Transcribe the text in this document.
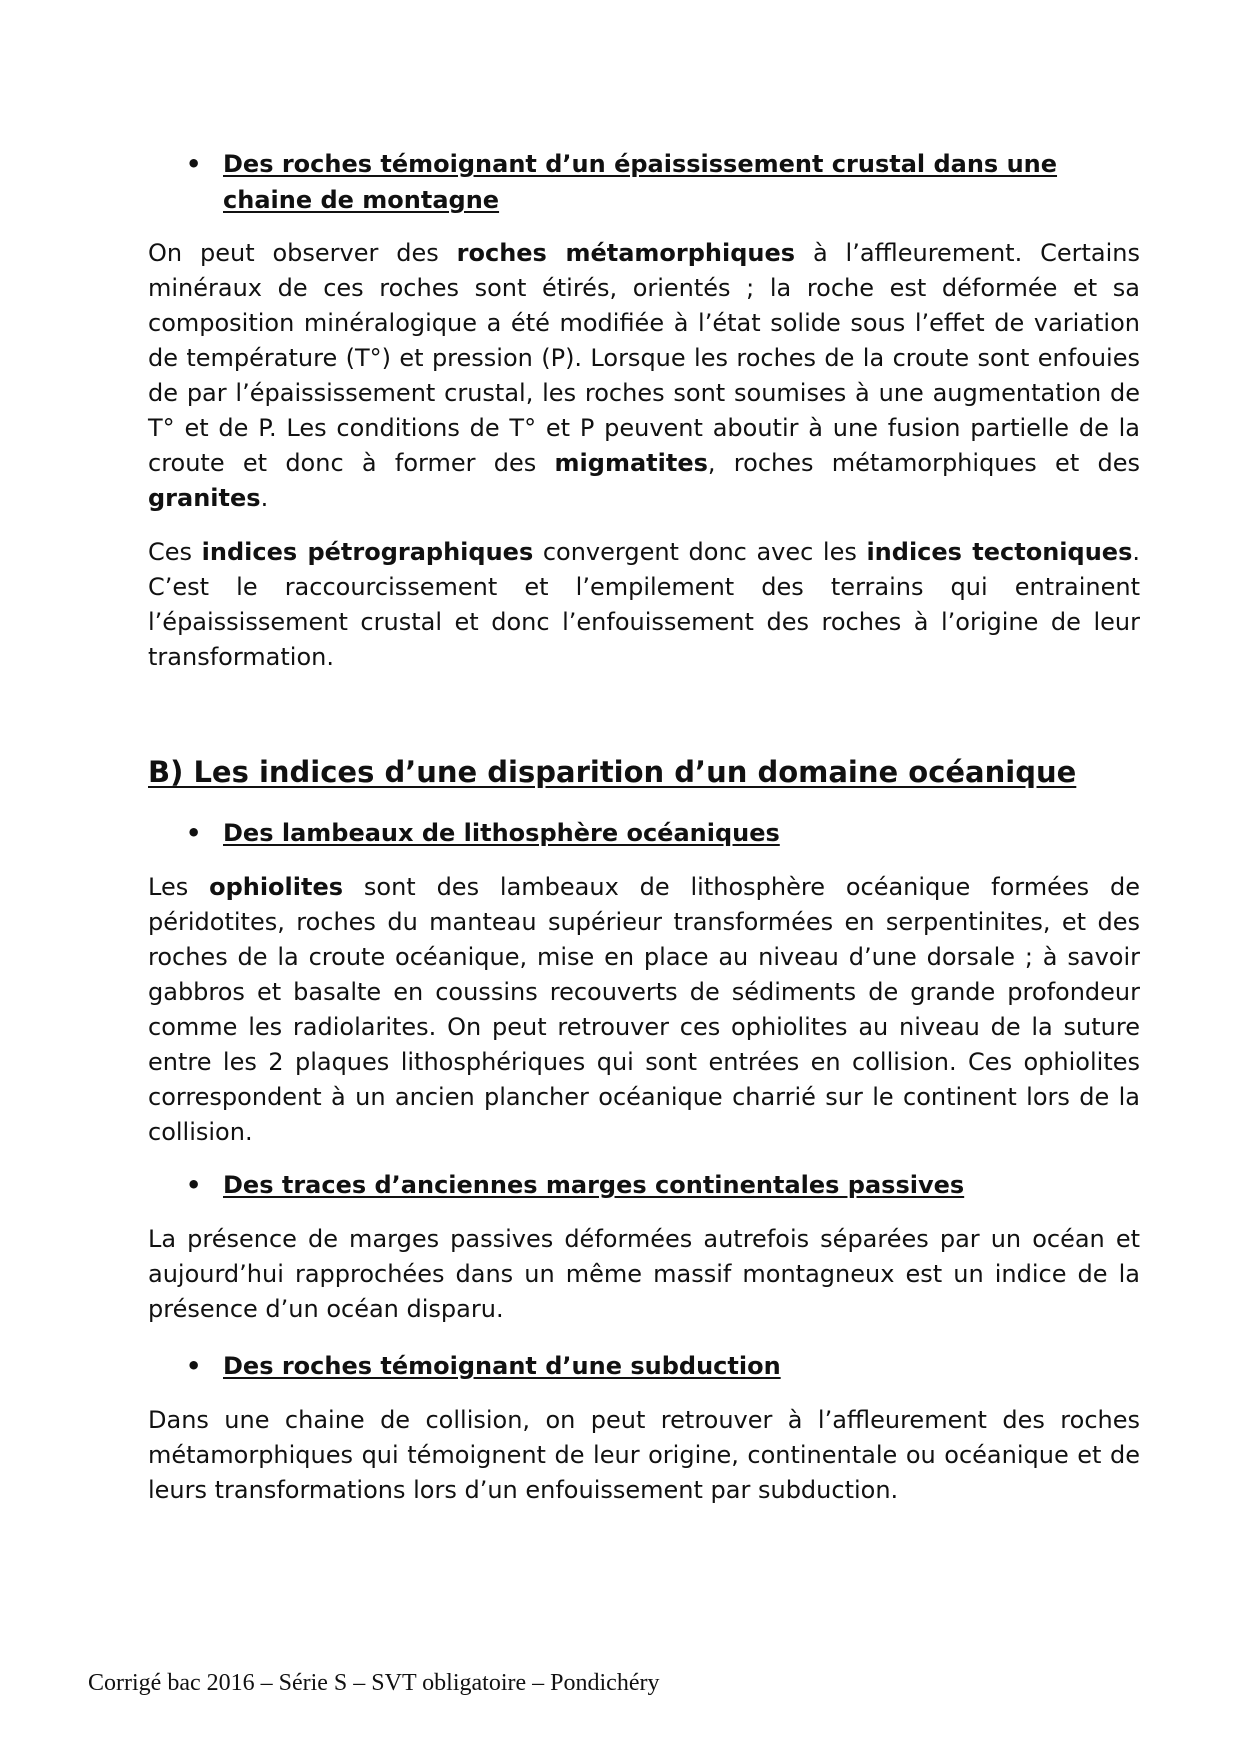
• Des roches témoignant d’un épaississement crustal dans une chaine de montagne

On peut observer des roches métamorphiques à l’affleurement. Certains minéraux de ces roches sont étirés, orientés ; la roche est déformée et sa composition minéralogique a été modifiée à l’état solide sous l’effet de variation de température (T°) et pression (P). Lorsque les roches de la croute sont enfouies de par l’épaississement crustal, les roches sont soumises à une augmentation de T° et de P. Les conditions de T° et P peuvent aboutir à une fusion partielle de la croute et donc à former des migmatites, roches métamorphiques et des granites.

Ces indices pétrographiques convergent donc avec les indices tectoniques. C’est le raccourcissement et l’empilement des terrains qui entrainent l’épaississement crustal et donc l’enfouissement des roches à l’origine de leur transformation.

B) Les indices d’une disparition d’un domaine océanique
• Des lambeaux de lithosphère océaniques

Les ophiolites sont des lambeaux de lithosphère océanique formées de péridotites, roches du manteau supérieur transformées en serpentinites, et des roches de la croute océanique, mise en place au niveau d’une dorsale ; à savoir gabbros et basalte en coussins recouverts de sédiments de grande profondeur comme les radiolarites. On peut retrouver ces ophiolites au niveau de la suture entre les 2 plaques lithosphériques qui sont entrées en collision. Ces ophiolites correspondent à un ancien plancher océanique charrié sur le continent lors de la collision.

• Des traces d’anciennes marges continentales passives

La présence de marges passives déformées autrefois séparées par un océan et aujourd’hui rapprochées dans un même massif montagneux est un indice de la présence d’un océan disparu.

• Des roches témoignant d’une subduction

Dans une chaine de collision, on peut retrouver à l’affleurement des roches métamorphiques qui témoignent de leur origine, continentale ou océanique et de leurs transformations lors d’un enfouissement par subduction.

Corrigé bac 2016 – Série S – SVT obligatoire – Pondichéry
